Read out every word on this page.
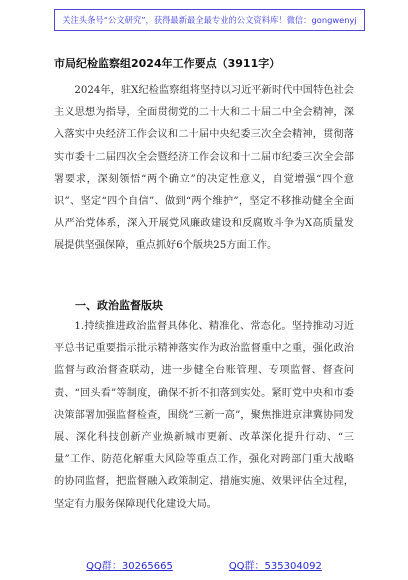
关注头条号“公文研究”，获得最新最全最专业的公文资料库！微信：gongwenyj
市局纪检监察组2024年工作要点（3911字）

2024年，驻X纪检监察组将坚持以习近平新时代中国特色社会主义思想为指导，全面贯彻党的二十大和二十届二中全会精神，深入落实中央经济工作会议和二十届中央纪委三次全会精神，贯彻落实市委十二届四次全会暨经济工作会议和十二届市纪委三次全会部署要求，深刻领悟“两个确立”的决定性意义，自觉增强“四个意识”、坚定“四个自信”、做到“两个维护”，坚定不移推动健全全面从严治党体系，深入开展党风廉政建设和反腐败斗争为X高质量发展提供坚强保障，重点抓好6个版块25方面工作。

一、政治监督版块

1.持续推进政治监督具体化、精准化、常态化。坚持推动习近平总书记重要指示批示精神落实作为政治监督重中之重，强化政治监督与政治督查联动，进一步健全台账管理、专项监督、督查问责、“回头看”等制度，确保不折不扣落到实处。紧盯党中央和市委决策部署加强监督检查，围绕“三新一高”，聚焦推进京津冀协同发展、深化科技创新产业焕新城市更新、改革深化提升行动、“三量”工作、防范化解重大风险等重点工作，强化对跨部门重大战略的协同监督，把监督融入政策制定、措施实施、效果评估全过程，坚定有力服务保障现代化建设大局。

QQ群：30265665	QQ群：535304092
